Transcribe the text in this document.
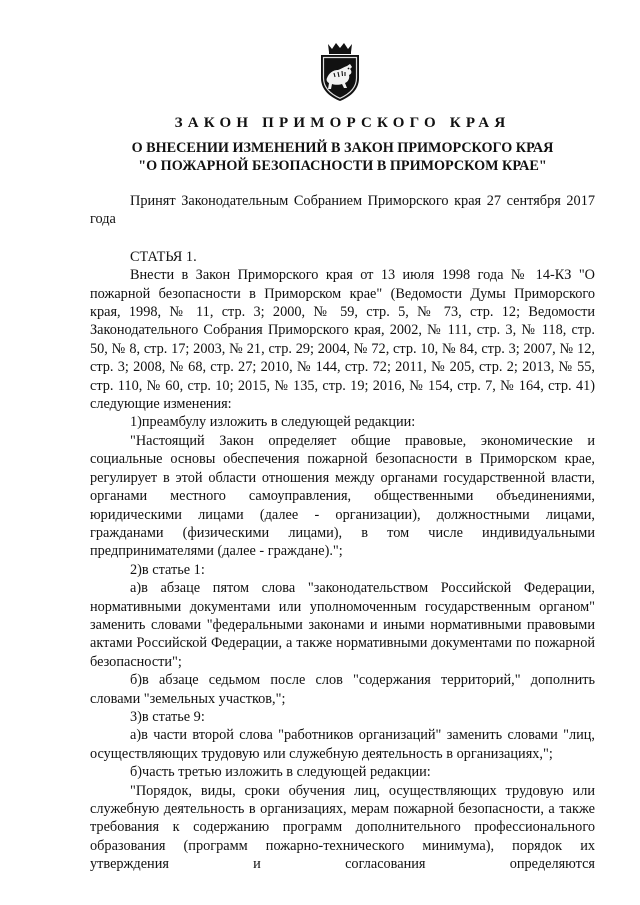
ЗАКОН ПРИМОРСКОГО КРАЯ
О ВНЕСЕНИИ ИЗМЕНЕНИЙ В ЗАКОН ПРИМОРСКОГО КРАЯ
"О ПОЖАРНОЙ БЕЗОПАСНОСТИ В ПРИМОРСКОМ КРАЕ"

Принят Законодательным Собранием Приморского края 27 сентября 2017 года

СТАТЬЯ 1.

Внести в Закон Приморского края от 13 июля 1998 года № 14-КЗ "О пожарной безопасности в Приморском крае" (Ведомости Думы Приморского края, 1998, № 11, стр. 3; 2000, № 59, стр. 5, № 73, стр. 12; Ведомости Законодательного Собрания Приморского края, 2002, № 111, стр. 3, № 118, стр. 50, № 8, стр. 17; 2003, № 21, стр. 29; 2004, № 72, стр. 10, № 84, стр. 3; 2007, № 12, стр. 3; 2008, № 68, стр. 27; 2010, № 144, стр. 72; 2011, № 205, стр. 2; 2013, № 55, стр. 110, № 60, стр. 10; 2015, № 135, стр. 19; 2016, № 154, стр. 7, № 164, стр. 41) следующие изменения:

1)преамбулу изложить в следующей редакции:

"Настоящий Закон определяет общие правовые, экономические и социальные основы обеспечения пожарной безопасности в Приморском крае, регулирует в этой области отношения между органами государственной власти, органами местного самоуправления, общественными объединениями, юридическими лицами (далее - организации), должностными лицами, гражданами (физическими лицами), в том числе индивидуальными предпринимателями (далее - граждане).";

2)в статье 1:

а)в абзаце пятом слова "законодательством Российской Федерации, нормативными документами или уполномоченным государственным органом" заменить словами "федеральными законами и иными нормативными правовыми актами Российской Федерации, а также нормативными документами по пожарной безопасности";

б)в абзаце седьмом после слов "содержания территорий," дополнить словами "земельных участков,";

3)в статье 9:

а)в части второй слова "работников организаций" заменить словами "лиц, осуществляющих трудовую или служебную деятельность в организациях,";

б)часть третью изложить в следующей редакции:

"Порядок, виды, сроки обучения лиц, осуществляющих трудовую или служебную деятельность в организациях, мерам пожарной безопасности, а также требования к содержанию программ дополнительного профессионального образования (программ пожарно-технического минимума), порядок их утверждения и согласования определяются
